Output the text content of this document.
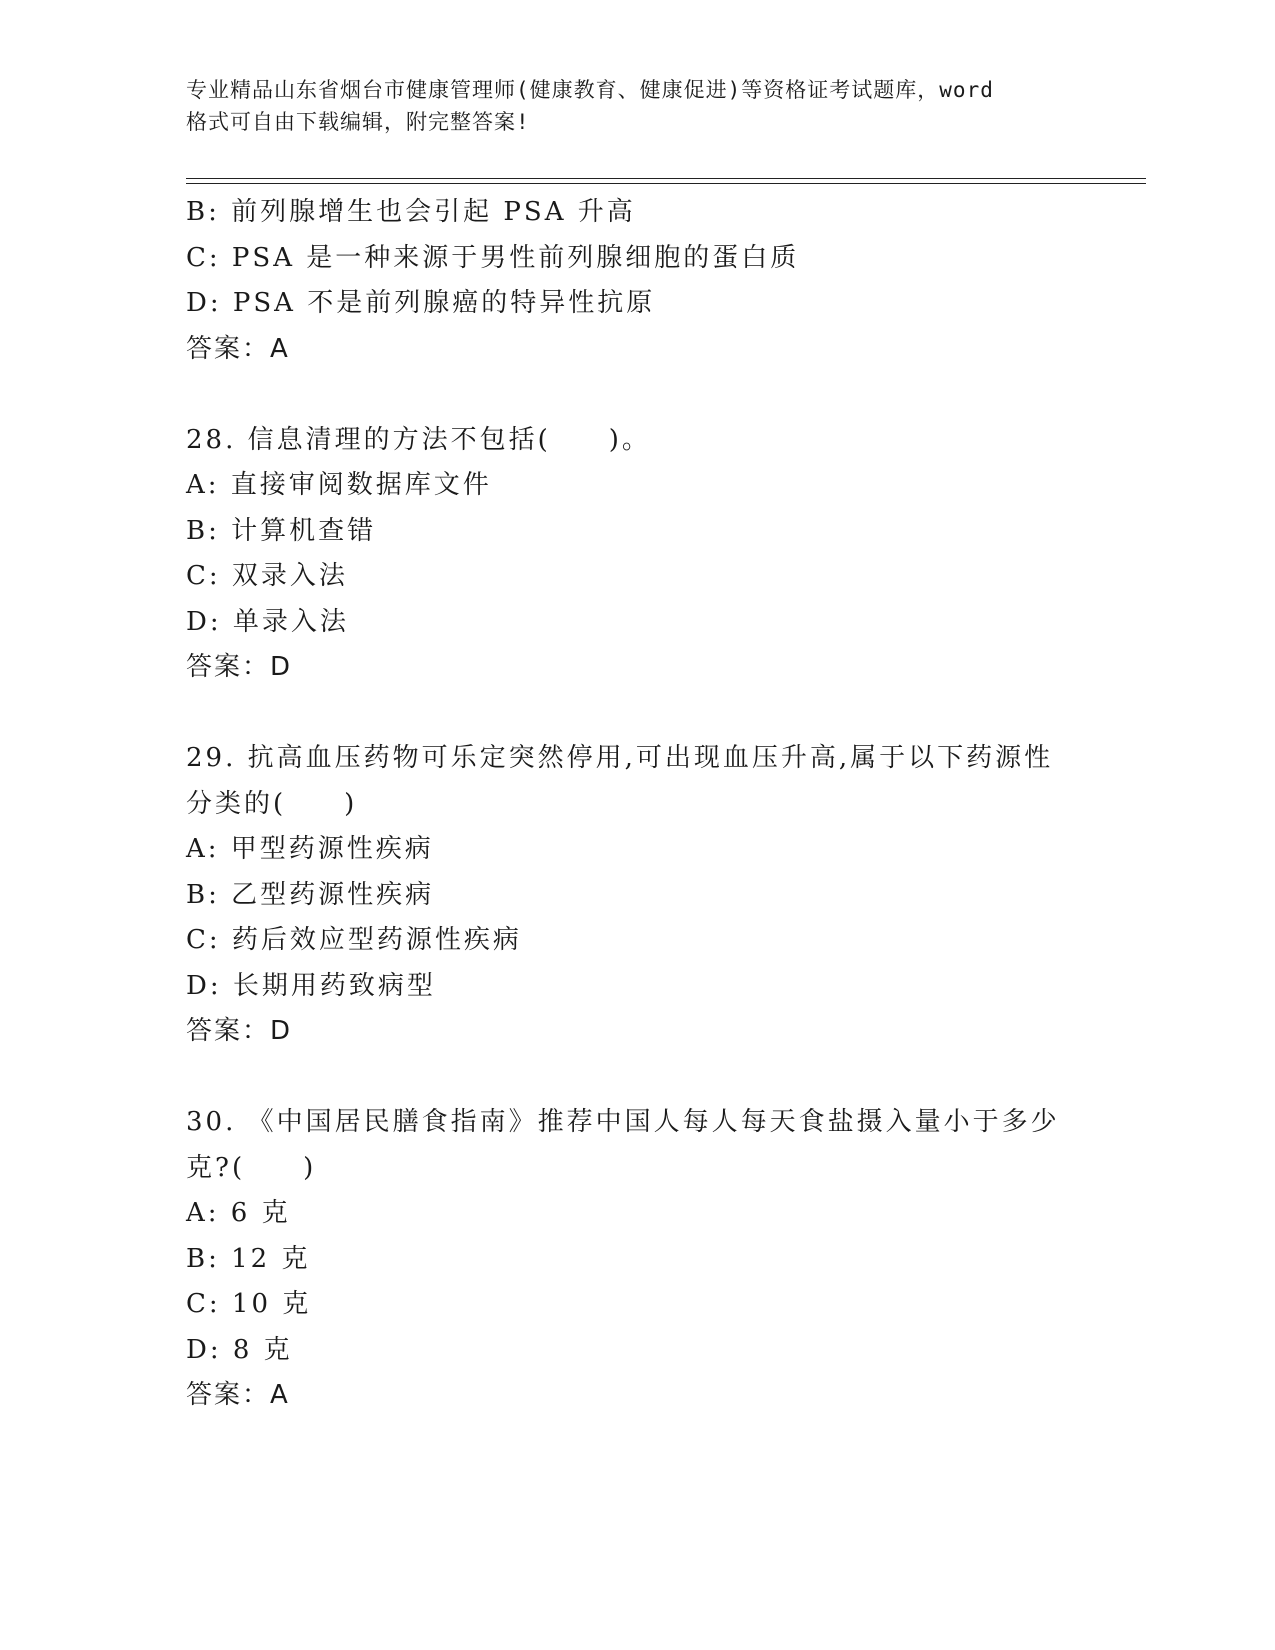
专业精品山东省烟台市健康管理师(健康教育、健康促进)等资格证考试题库，word
格式可自由下载编辑，附完整答案!
B: 前列腺增生也会引起 PSA 升高
C: PSA 是一种来源于男性前列腺细胞的蛋白质
D: PSA 不是前列腺癌的特异性抗原
答案：A
28. 信息清理的方法不包括(　　)。
A: 直接审阅数据库文件
B: 计算机查错
C: 双录入法
D: 单录入法
答案：D
29. 抗高血压药物可乐定突然停用,可出现血压升高,属于以下药源性
分类的(　　)
A: 甲型药源性疾病
B: 乙型药源性疾病
C: 药后效应型药源性疾病
D: 长期用药致病型
答案：D
30. 《中国居民膳食指南》推荐中国人每人每天食盐摄入量小于多少
克?(　　)
A: 6 克
B: 12 克
C: 10 克
D: 8 克
答案：A
